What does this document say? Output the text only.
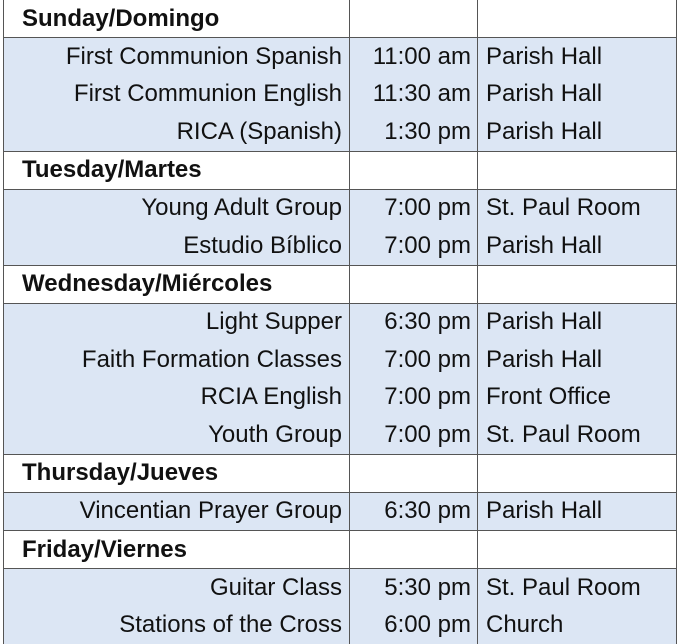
Sunday/Domingo		
First Communion Spanish	11:00 am	Parish Hall
First Communion English	11:30 am	Parish Hall
RICA (Spanish)	1:30 pm	Parish Hall
Tuesday/Martes		
Young Adult Group	7:00 pm	St. Paul Room
Estudio Bíblico	7:00 pm	Parish Hall
Wednesday/Miércoles		
Light Supper	6:30 pm	Parish Hall
Faith Formation Classes	7:00 pm	Parish Hall
RCIA English	7:00 pm	Front Office
Youth Group	7:00 pm	St. Paul Room
Thursday/Jueves		
Vincentian Prayer Group	6:30 pm	Parish Hall
Friday/Viernes		
Guitar Class	5:30 pm	St. Paul Room
Stations of the Cross	6:00 pm	Church
